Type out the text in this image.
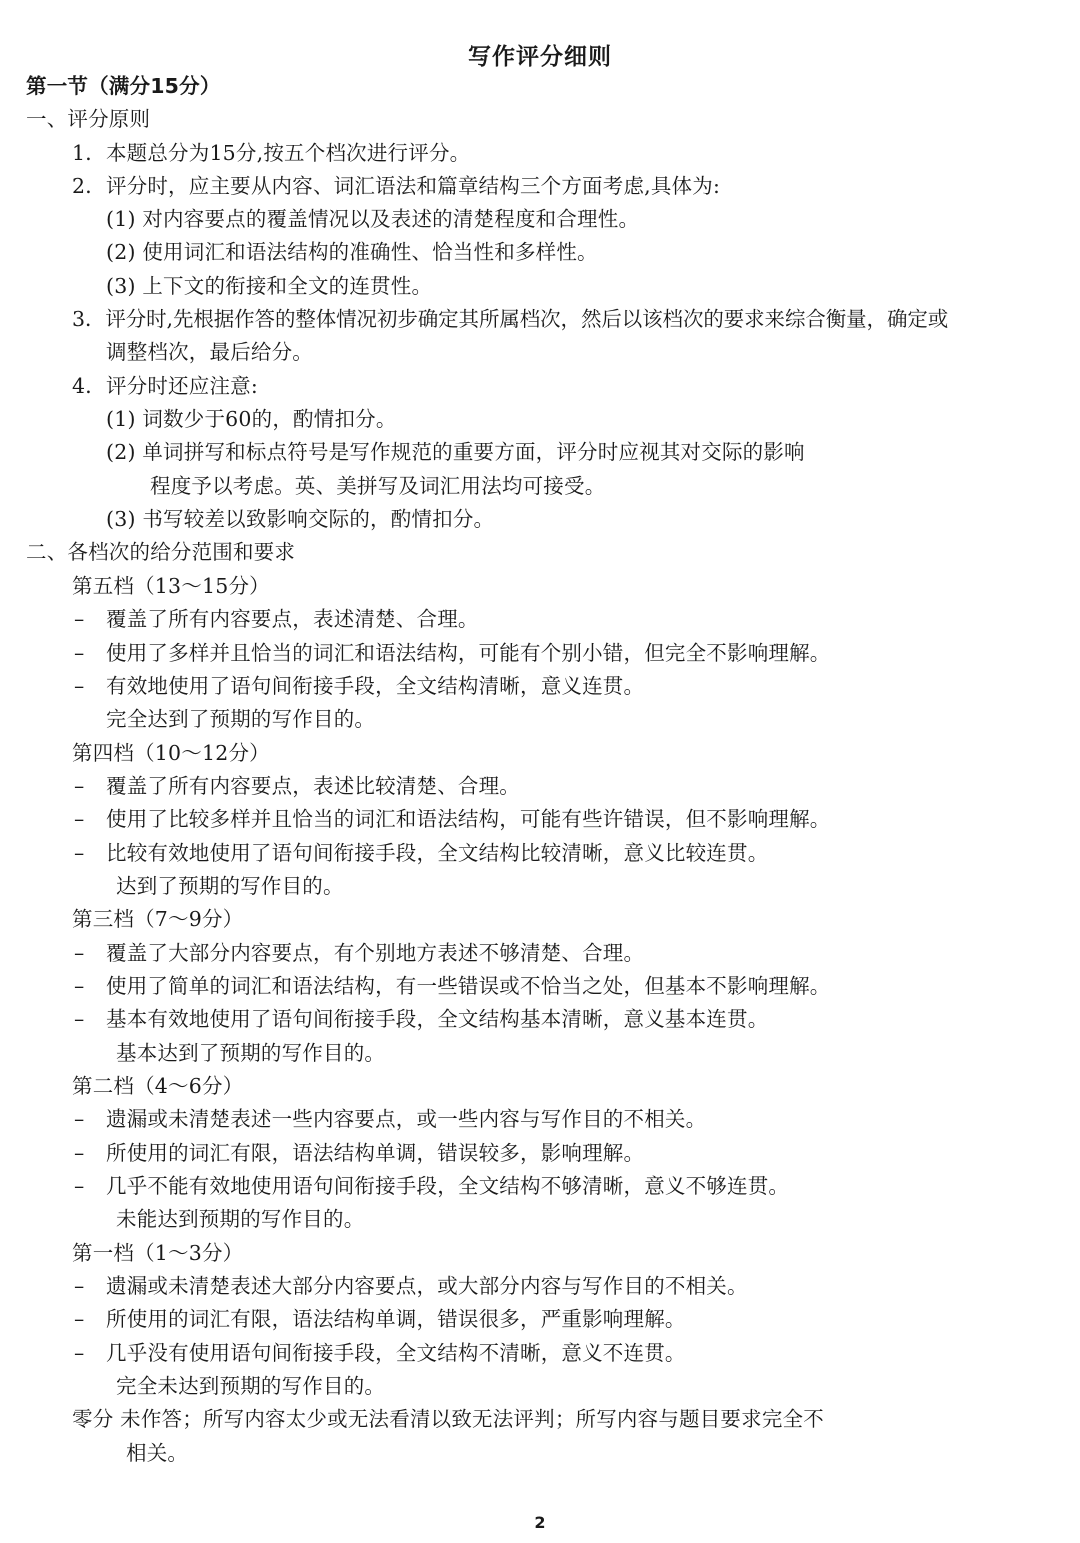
写作评分细则
第一节（满分15分）
一、评分原则
1．本题总分为15分,按五个档次进行评分。
2．评分时，应主要从内容、词汇语法和篇章结构三个方面考虑,具体为:
(1) 对内容要点的覆盖情况以及表述的清楚程度和合理性。
(2) 使用词汇和语法结构的准确性、恰当性和多样性。
(3) 上下文的衔接和全文的连贯性。
3．评分时,先根据作答的整体情况初步确定其所属档次，然后以该档次的要求来综合衡量，确定或
调整档次，最后给分。
4．评分时还应注意:
(1) 词数少于60的，酌情扣分。
(2) 单词拼写和标点符号是写作规范的重要方面，评分时应视其对交际的影响
程度予以考虑。英、美拼写及词汇用法均可接受。
(3) 书写较差以致影响交际的，酌情扣分。
二、各档次的给分范围和要求
第五档（13～15分）
– 覆盖了所有内容要点，表述清楚、合理。
– 使用了多样并且恰当的词汇和语法结构，可能有个别小错，但完全不影响理解。
– 有效地使用了语句间衔接手段，全文结构清晰，意义连贯。
完全达到了预期的写作目的。
第四档（10～12分）
– 覆盖了所有内容要点，表述比较清楚、合理。
– 使用了比较多样并且恰当的词汇和语法结构，可能有些许错误，但不影响理解。
– 比较有效地使用了语句间衔接手段，全文结构比较清晰，意义比较连贯。
达到了预期的写作目的。
第三档（7～9分）
– 覆盖了大部分内容要点，有个别地方表述不够清楚、合理。
– 使用了简单的词汇和语法结构，有一些错误或不恰当之处，但基本不影响理解。
– 基本有效地使用了语句间衔接手段，全文结构基本清晰，意义基本连贯。
基本达到了预期的写作目的。
第二档（4～6分）
– 遗漏或未清楚表述一些内容要点，或一些内容与写作目的不相关。
– 所使用的词汇有限，语法结构单调，错误较多，影响理解。
– 几乎不能有效地使用语句间衔接手段，全文结构不够清晰，意义不够连贯。
未能达到预期的写作目的。
第一档（1～3分）
– 遗漏或未清楚表述大部分内容要点，或大部分内容与写作目的不相关。
– 所使用的词汇有限，语法结构单调，错误很多，严重影响理解。
– 几乎没有使用语句间衔接手段，全文结构不清晰，意义不连贯。
完全未达到预期的写作目的。
零分 未作答；所写内容太少或无法看清以致无法评判；所写内容与题目要求完全不
相关。
2
